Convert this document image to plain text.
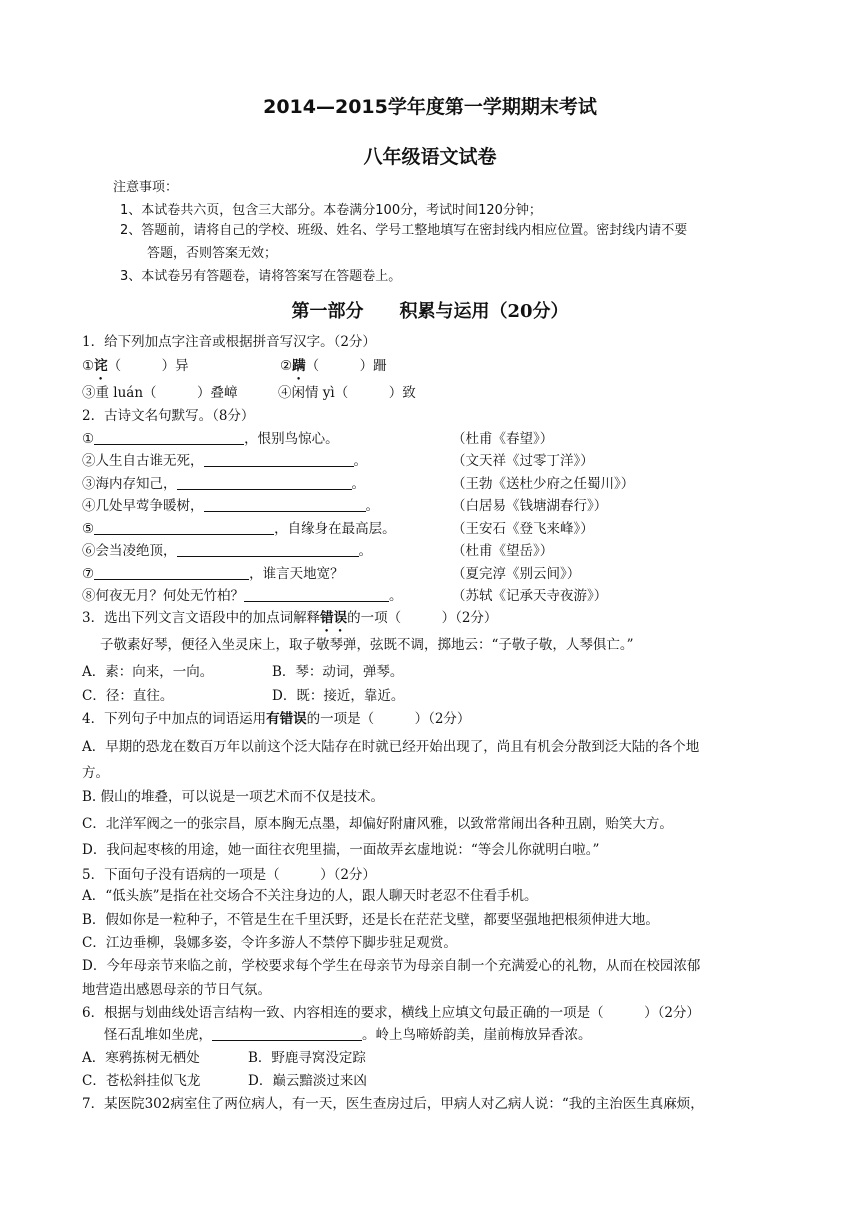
2014—2015学年度第一学期期末考试
八年级语文试卷
注意事项：
1、本试卷共六页，包含三大部分。本卷满分100分，考试时间120分钟；
2、答题前，请将自己的学校、班级、姓名、学号工整地填写在密封线内相应位置。密封线内请不要
答题，否则答案无效；
3、本试卷另有答题卷，请将答案写在答题卷上。
第一部分　　积累与运用（20分）
1．给下列加点字注音或根据拼音写汉字。（2分）
①诧（　　　）异	②蹒（　　　）跚
③重 luán（　　　）叠嶂	④闲情 yì（　　　）致
2．古诗文名句默写。（8分）
①	，恨别鸟惊心。	（杜甫《春望》）
②人生自古谁无死，	。	（文天祥《过零丁洋》）
③海内存知己，	。	（王勃《送杜少府之任蜀川》）
④几处早莺争暖树，	。	（白居易《钱塘湖春行》）
⑤	，自缘身在最高层。	（王安石《登飞来峰》）
⑥会当凌绝顶，	。	（杜甫《望岳》）
⑦	，谁言天地宽？	（夏完淳《别云间》）
⑧何夜无月？何处无竹柏？	。	（苏轼《记承天寺夜游》）
3．选出下列文言文语段中的加点词解释错误的一项（　　　）（2分）
子敬素好琴，便径入坐灵床上，取子敬琴弹，弦既不调，掷地云：“子敬子敬，人琴俱亡。”
A．素：向来，一向。	B．琴：动词，弹琴。
C．径：直往。	D．既：接近，靠近。
4．下列句子中加点的词语运用有错误的一项是（　　　）（2分）
A．早期的恐龙在数百万年以前这个泛大陆存在时就已经开始出现了，尚且有机会分散到泛大陆的各个地
方。
B. 假山的堆叠，可以说是一项艺术而不仅是技术。
C．北洋军阀之一的张宗昌，原本胸无点墨，却偏好附庸风雅，以致常常闹出各种丑剧，贻笑大方。
D．我问起枣核的用途，她一面往衣兜里揣，一面故弄玄虚地说：“等会儿你就明白啦。”
5．下面句子没有语病的一项是（　　　）（2分）
A．“低头族”是指在社交场合不关注身边的人，跟人聊天时老忍不住看手机。
B．假如你是一粒种子，不管是生在千里沃野，还是长在茫茫戈壁，都要坚强地把根须伸进大地。
C．江边垂柳，袅娜多姿，令许多游人不禁停下脚步驻足观赏。
D．今年母亲节来临之前，学校要求每个学生在母亲节为母亲自制一个充满爱心的礼物，从而在校园浓郁
地营造出感恩母亲的节日气氛。
6．根据与划曲线处语言结构一致、内容相连的要求，横线上应填文句最正确的一项是（　　　）（2分）
怪石乱堆如坐虎，	。岭上鸟啼娇韵美，崖前梅放异香浓。
A．寒鸦拣树无栖处	B．野鹿寻窝没定踪
C．苍松斜挂似飞龙	D．巅云黯淡过来凶
7．某医院302病室住了两位病人，有一天，医生查房过后，甲病人对乙病人说：“我的主治医生真麻烦，
